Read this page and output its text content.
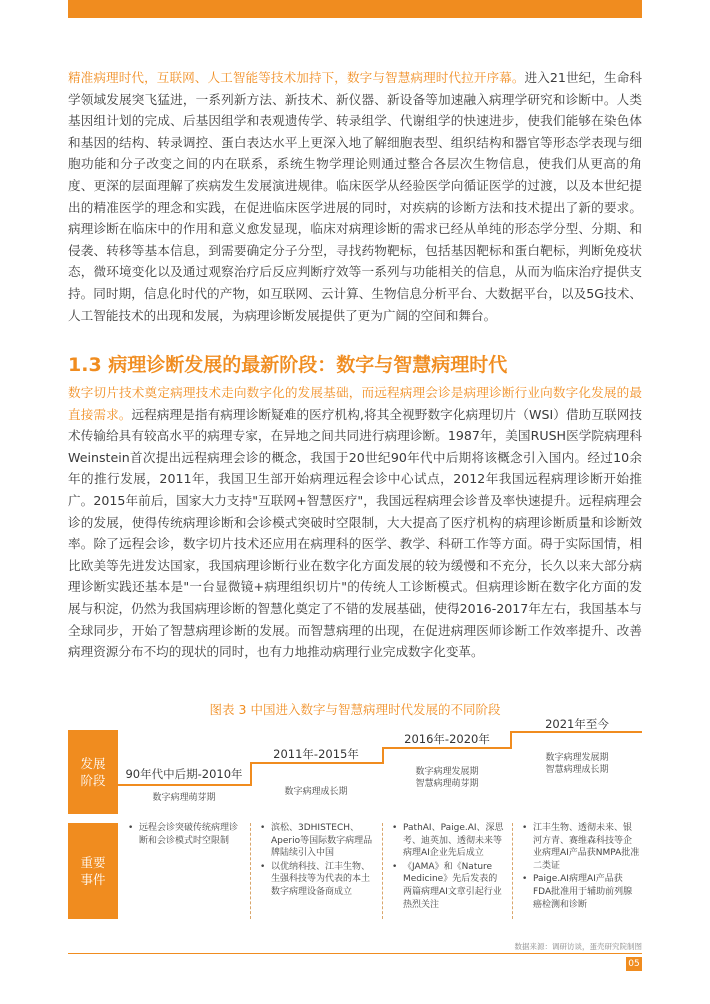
精准病理时代，互联网、人工智能等技术加持下，数字与智慧病理时代拉开序幕。进入21世纪，生命科学领域发展突飞猛进，一系列新方法、新技术、新仪器、新设备等加速融入病理学研究和诊断中。人类基因组计划的完成、后基因组学和表观遗传学、转录组学、代谢组学的快速进步，使我们能够在染色体和基因的结构、转录调控、蛋白表达水平上更深入地了解细胞表型、组织结构和器官等形态学表现与细胞功能和分子改变之间的内在联系，系统生物学理论则通过整合各层次生物信息，使我们从更高的角度、更深的层面理解了疾病发生发展演进规律。临床医学从经验医学向循证医学的过渡，以及本世纪提出的精准医学的理念和实践，在促进临床医学进展的同时，对疾病的诊断方法和技术提出了新的要求。病理诊断在临床中的作用和意义愈发显现，临床对病理诊断的需求已经从单纯的形态学分型、分期、和侵袭、转移等基本信息，到需要确定分子分型，寻找药物靶标，包括基因靶标和蛋白靶标，判断免疫状态，微环境变化以及通过观察治疗后反应判断疗效等一系列与功能相关的信息，从而为临床治疗提供支持。同时期，信息化时代的产物，如互联网、云计算、生物信息分析平台、大数据平台，以及5G技术、人工智能技术的出现和发展，为病理诊断发展提供了更为广阔的空间和舞台。

1.3 病理诊断发展的最新阶段：数字与智慧病理时代

数字切片技术奠定病理技术走向数字化的发展基础，而远程病理会诊是病理诊断行业向数字化发展的最直接需求。远程病理是指有病理诊断疑难的医疗机构,将其全视野数字化病理切片（WSI）借助互联网技术传输给具有较高水平的病理专家，在异地之间共同进行病理诊断。1987年，美国RUSH医学院病理科Weinstein首次提出远程病理会诊的概念，我国于20世纪90年代中后期将该概念引入国内。经过10余年的推行发展，2011年，我国卫生部开始病理远程会诊中心试点，2012年我国远程病理诊断开始推广。2015年前后，国家大力支持"互联网+智慧医疗"，我国远程病理会诊普及率快速提升。远程病理会诊的发展，使得传统病理诊断和会诊模式突破时空限制，大大提高了医疗机构的病理诊断质量和诊断效率。除了远程会诊，数字切片技术还应用在病理科的医学、教学、科研工作等方面。碍于实际国情，相比欧美等先进发达国家，我国病理诊断行业在数字化方面发展的较为缓慢和不充分，长久以来大部分病理诊断实践还基本是"一台显微镜+病理组织切片"的传统人工诊断模式。但病理诊断在数字化方面的发展与积淀，仍然为我国病理诊断的智慧化奠定了不错的发展基础，使得2016-2017年左右，我国基本与全球同步，开始了智慧病理诊断的发展。而智慧病理的出现，在促进病理医师诊断工作效率提升、改善病理资源分布不均的现状的同时，也有力地推动病理行业完成数字化变革。

图表 3 中国进入数字与智慧病理时代发展的不同阶段
发展
阶段
重要
事件
90年代中后期-2010年
数字病理萌芽期
2011年-2015年
数字病理成长期
2016年-2020年
数字病理发展期
智慧病理萌芽期
2021年至今
数字病理发展期
智慧病理成长期
• 远程会诊突破传统病理诊断和会诊模式时空限制
• 滨松、3DHISTECH、Aperio等国际数字病理品牌陆续引入中国
• 以优纳科技、江丰生物、生强科技等为代表的本土数字病理设备商成立
• PathAI、Paige.AI、深思考、迪英加、透彻未来等病理AI企业先后成立
• 《JAMA》和《Nature Medicine》先后发表的两篇病理AI文章引起行业热烈关注
• 江丰生物、透彻未来、银河方青、赛维森科技等企业病理AI产品获NMPA批准二类证
• Paige.AI病理AI产品获FDA批准用于辅助前列腺癌检测和诊断
数据来源：调研访谈，蛋壳研究院制图
05
